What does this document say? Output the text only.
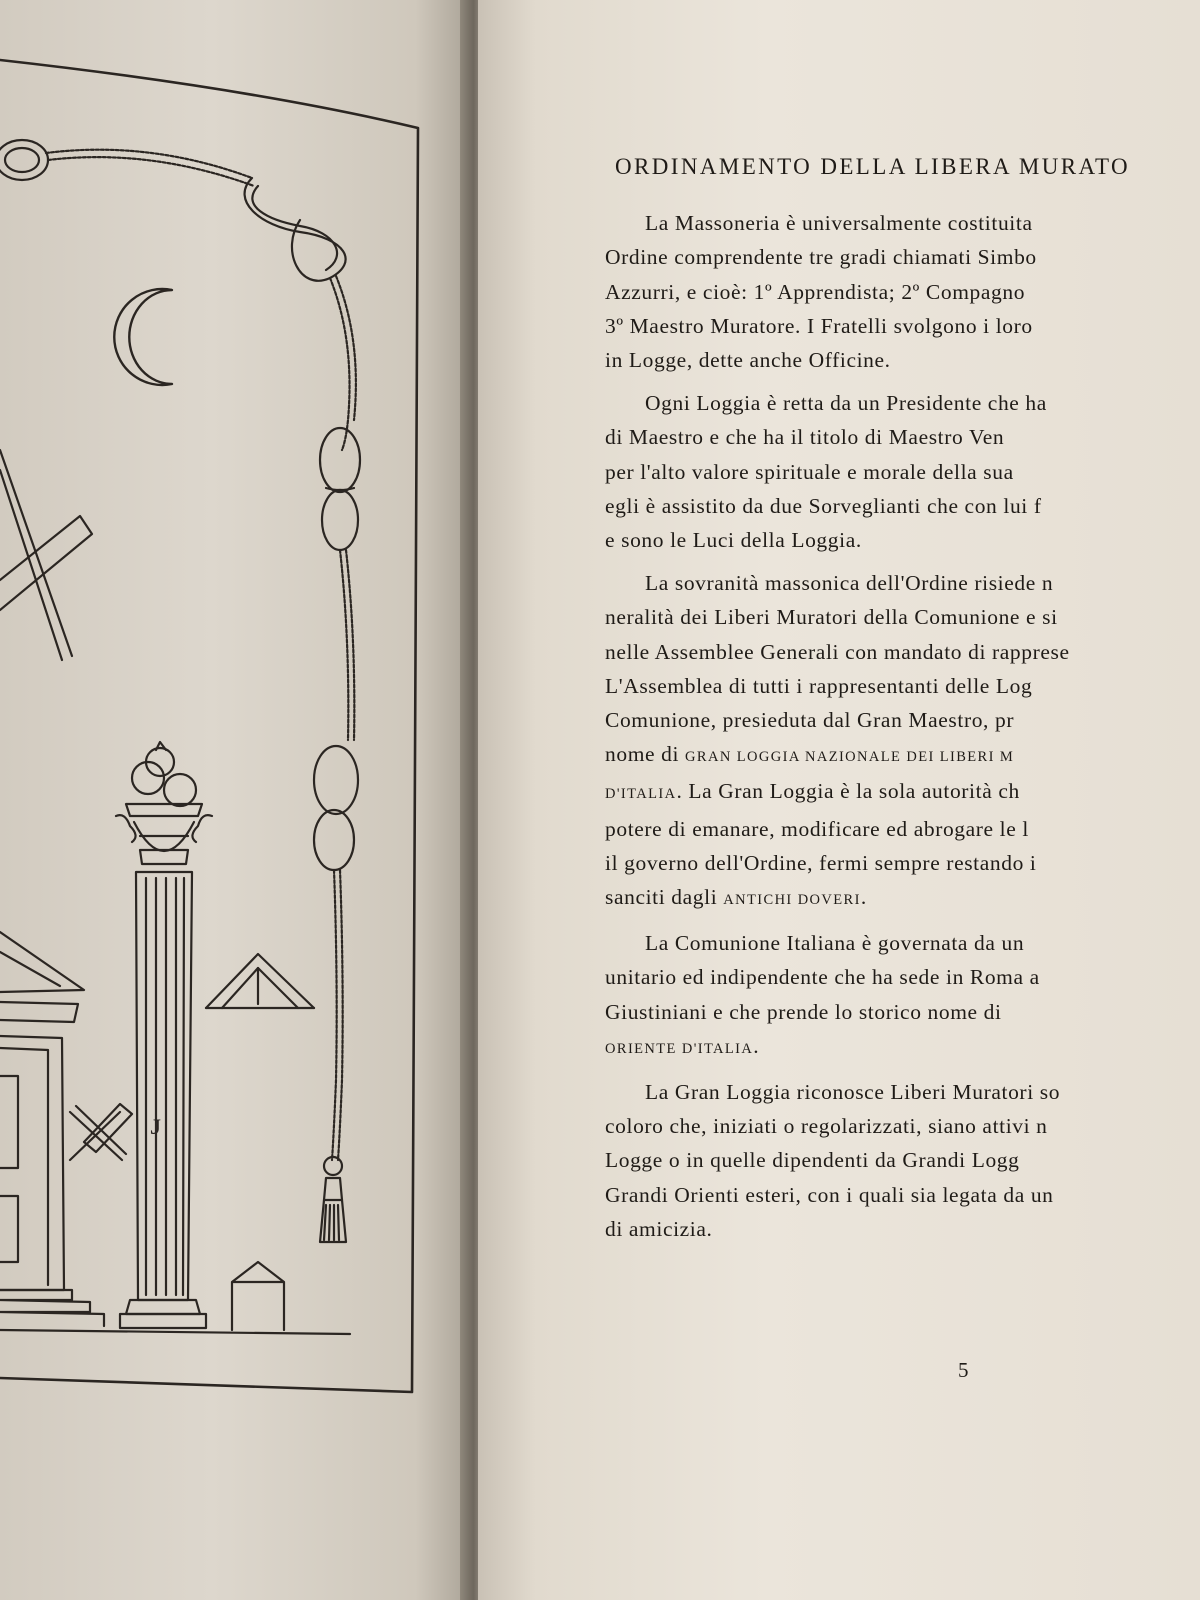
J
ORDINAMENTO DELLA LIBERA MURATO
La Massoneria è universalmente costituita
Ordine comprendente tre gradi chiamati Simbo
Azzurri, e cioè: 1º Apprendista; 2º Compagno
3º Maestro Muratore. I Fratelli svolgono i loro
in Logge, dette anche Officine.
Ogni Loggia è retta da un Presidente che ha
di Maestro e che ha il titolo di Maestro Ven
per l'alto valore spirituale e morale della sua
egli è assistito da due Sorveglianti che con lui f
e sono le Luci della Loggia.
La sovranità massonica dell'Ordine risiede n
neralità dei Liberi Muratori della Comunione e si
nelle Assemblee Generali con mandato di rapprese
L'Assemblea di tutti i rappresentanti delle Log
Comunione, presieduta dal Gran Maestro, pr
nome di GRAN LOGGIA NAZIONALE DEI LIBERI M
D'ITALIA. La Gran Loggia è la sola autorità ch
potere di emanare, modificare ed abrogare le l
il governo dell'Ordine, fermi sempre restando i
sanciti dagli ANTICHI DOVERI.
La Comunione Italiana è governata da un
unitario ed indipendente che ha sede in Roma a
Giustiniani e che prende lo storico nome di
ORIENTE D'ITALIA.
La Gran Loggia riconosce Liberi Muratori so
coloro che, iniziati o regolarizzati, siano attivi n
Logge o in quelle dipendenti da Grandi Logg
Grandi Orienti esteri, con i quali sia legata da un
di amicizia.
5
